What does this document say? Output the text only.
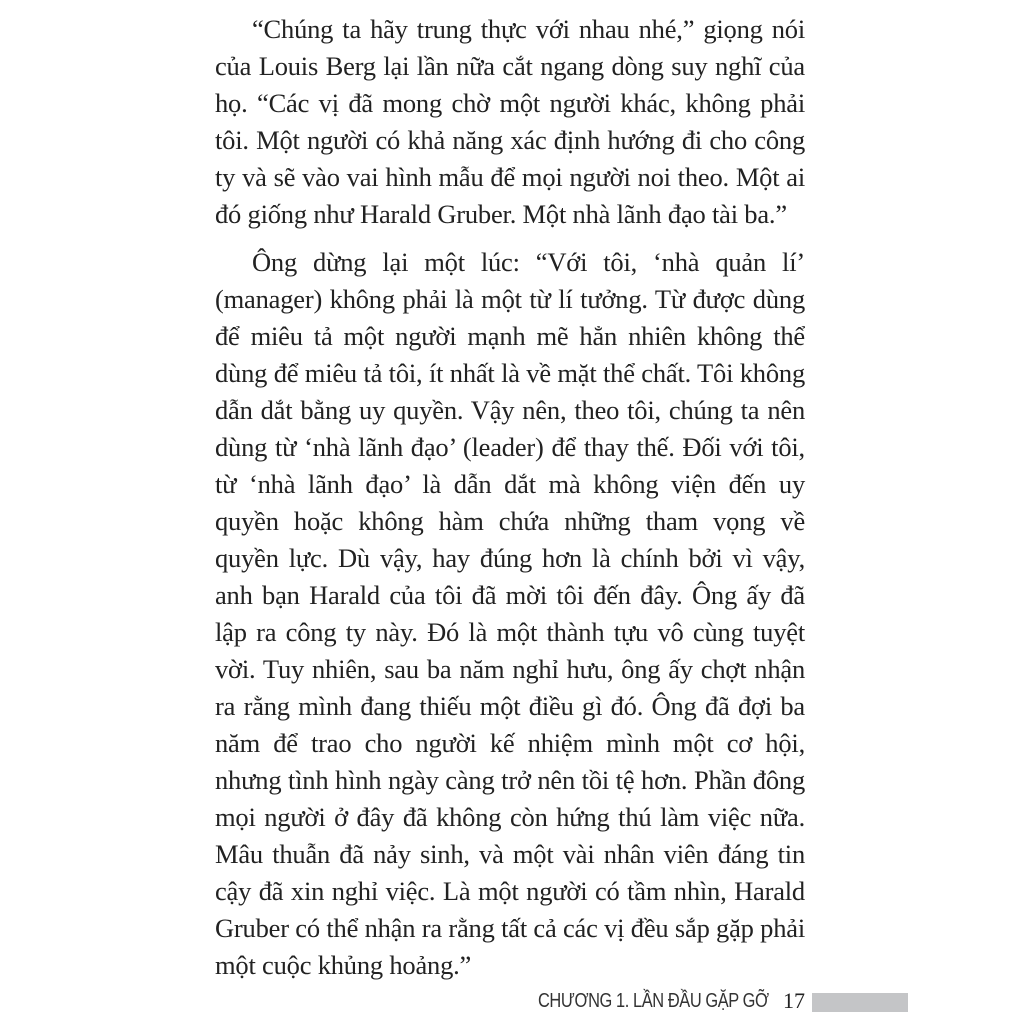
“Chúng ta hãy trung thực với nhau nhé,” giọng nói của Louis Berg lại lần nữa cắt ngang dòng suy nghĩ của họ. “Các vị đã mong chờ một người khác, không phải tôi. Một người có khả năng xác định hướng đi cho công ty và sẽ vào vai hình mẫu để mọi người noi theo. Một ai đó giống như Harald Gruber. Một nhà lãnh đạo tài ba.”

Ông dừng lại một lúc: “Với tôi, ‘nhà quản lí’ (manager) không phải là một từ lí tưởng. Từ được dùng để miêu tả một người mạnh mẽ hẳn nhiên không thể dùng để miêu tả tôi, ít nhất là về mặt thể chất. Tôi không dẫn dắt bằng uy quyền. Vậy nên, theo tôi, chúng ta nên dùng từ ‘nhà lãnh đạo’ (leader) để thay thế. Đối với tôi, từ ‘nhà lãnh đạo’ là dẫn dắt mà không viện đến uy quyền hoặc không hàm chứa những tham vọng về quyền lực. Dù vậy, hay đúng hơn là chính bởi vì vậy, anh bạn Harald của tôi đã mời tôi đến đây. Ông ấy đã lập ra công ty này. Đó là một thành tựu vô cùng tuyệt vời. Tuy nhiên, sau ba năm nghỉ hưu, ông ấy chợt nhận ra rằng mình đang thiếu một điều gì đó. Ông đã đợi ba năm để trao cho người kế nhiệm mình một cơ hội, nhưng tình hình ngày càng trở nên tồi tệ hơn. Phần đông mọi người ở đây đã không còn hứng thú làm việc nữa. Mâu thuẫn đã nảy sinh, và một vài nhân viên đáng tin cậy đã xin nghỉ việc. Là một người có tầm nhìn, Harald Gruber có thể nhận ra rằng tất cả các vị đều sắp gặp phải một cuộc khủng hoảng.”

CHƯƠNG 1. LẦN ĐẦU GẶP GỠ 17
